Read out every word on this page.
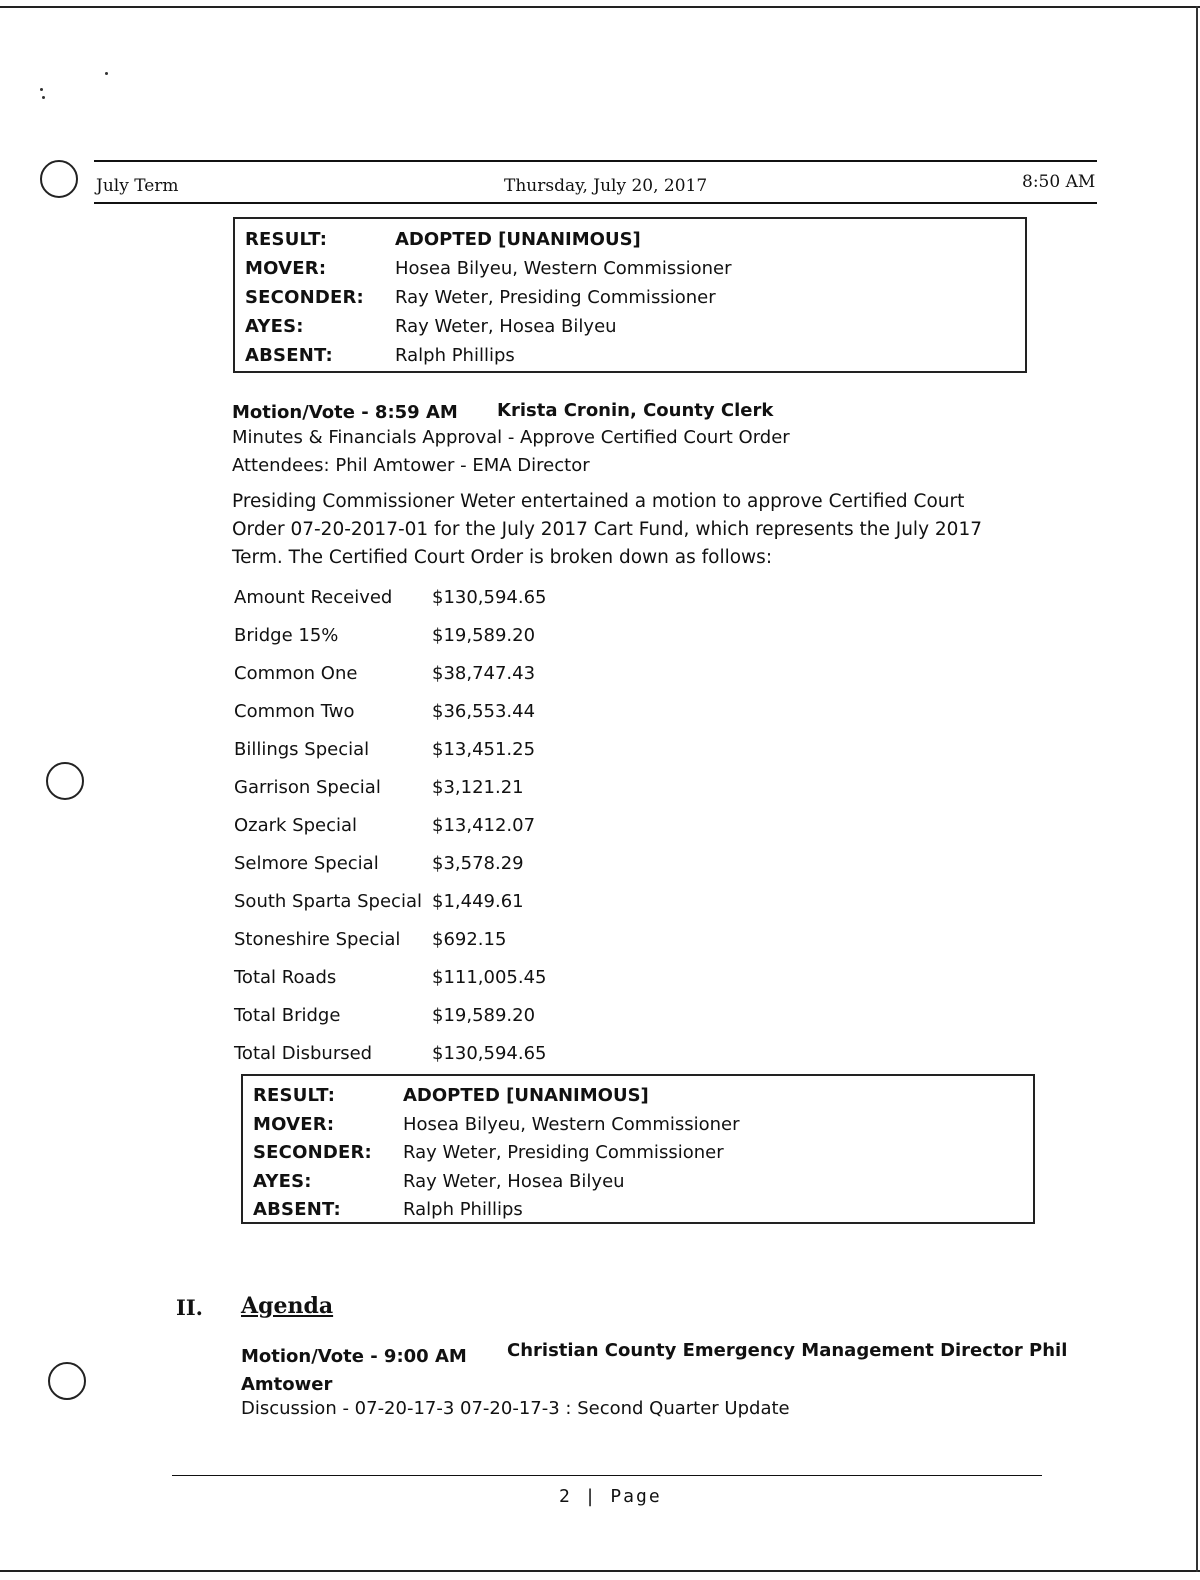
July Term	Thursday, July 20, 2017	8:50 AM
RESULT:	ADOPTED [UNANIMOUS]
MOVER:	Hosea Bilyeu, Western Commissioner
SECONDER: Ray Weter, Presiding Commissioner
AYES:	Ray Weter, Hosea Bilyeu
ABSENT:	Ralph Phillips
Motion/Vote - 8:59 AM Krista Cronin, County Clerk
Minutes & Financials Approval - Approve Certified Court Order
Attendees: Phil Amtower - EMA Director
Presiding Commissioner Weter entertained a motion to approve Certified Court Order 07-20-2017-01 for the July 2017 Cart Fund, which represents the July 2017 Term. The Certified Court Order is broken down as follows:
Amount Received $130,594.65
Bridge 15%	$19,589.20
Common One	$38,747.43
Common Two	$36,553.44
Billings Special	$13,451.25
Garrison Special	$3,121.21
Ozark Special	$13,412.07
Selmore Special	$3,578.29
South Sparta Special $1,449.61
Stoneshire Special $692.15
Total Roads	$111,005.45
Total Bridge	$19,589.20
Total Disbursed	$130,594.65
RESULT:	ADOPTED [UNANIMOUS]
MOVER:	Hosea Bilyeu, Western Commissioner
SECONDER: Ray Weter, Presiding Commissioner
AYES:	Ray Weter, Hosea Bilyeu
ABSENT:	Ralph Phillips
II. Agenda
Motion/Vote - 9:00 AM Christian County Emergency Management Director Phil
Amtower
Discussion - 07-20-17-3 07-20-17-3 : Second Quarter Update
2 | Page
